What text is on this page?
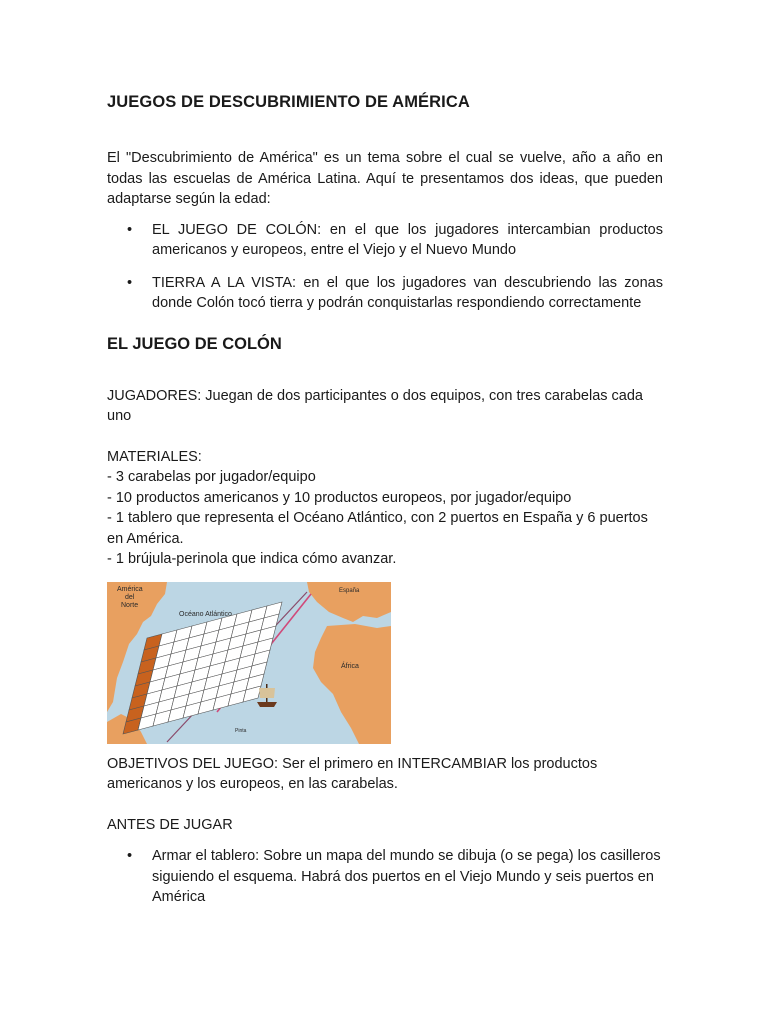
JUEGOS DE DESCUBRIMIENTO DE AMÉRICA

El "Descubrimiento de América" es un tema sobre el cual se vuelve, año a año en todas las escuelas de América Latina. Aquí te presentamos dos ideas, que pueden adaptarse según la edad:

• EL JUEGO DE COLÓN: en el que los jugadores intercambian productos americanos y europeos, entre el Viejo y el Nuevo Mundo
• TIERRA A LA VISTA: en el que los jugadores van descubriendo las zonas donde Colón tocó tierra y podrán conquistarlas respondiendo correctamente
EL JUEGO DE COLÓN

JUGADORES: Juegan de dos participantes o dos equipos, con tres carabelas cada uno

MATERIALES:

- 3 carabelas por jugador/equipo

- 10 productos americanos y 10 productos europeos, por jugador/equipo

- 1 tablero que representa el Océano Atlántico, con 2 puertos en España y 6 puertos en América.

- 1 brújula-perinola que indica cómo avanzar.

América
del
Norte
Océano Atlántico
España
África
Pinta

OBJETIVOS DEL JUEGO: Ser el primero en INTERCAMBIAR los productos americanos y los europeos, en las carabelas.

ANTES DE JUGAR

• Armar el tablero: Sobre un mapa del mundo se dibuja (o se pega) los casilleros siguiendo el esquema. Habrá dos puertos en el Viejo Mundo y seis puertos en América
